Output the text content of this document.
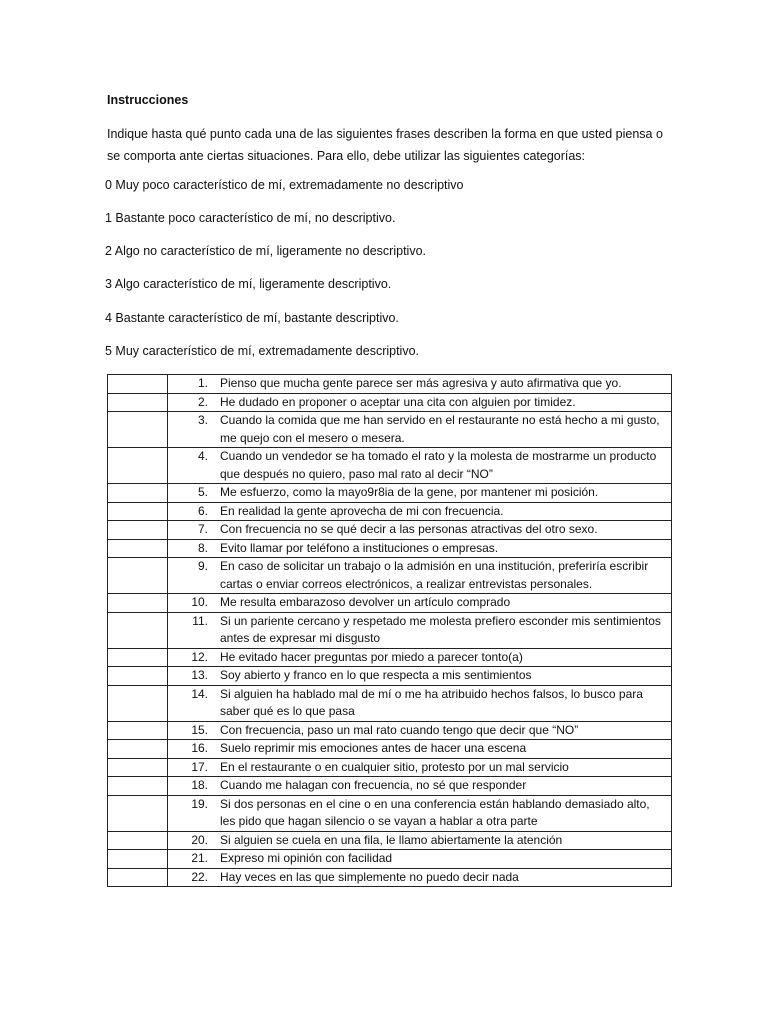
Instrucciones
Indique hasta qué punto cada una de las siguientes frases describen la forma en que usted piensa o se comporta ante ciertas situaciones. Para ello, debe utilizar las siguientes categorías:
0 Muy poco característico de mí, extremadamente no descriptivo
1 Bastante poco característico de mí, no descriptivo.
2 Algo no característico de mí, ligeramente no descriptivo.
3 Algo característico de mí, ligeramente descriptivo.
4 Bastante característico de mí, bastante descriptivo.
5 Muy característico de mí, extremadamente descriptivo.

	1. Pienso que mucha gente parece ser más agresiva y auto afirmativa que yo.

	2. He dudado en proponer o aceptar una cita con alguien por timidez.

	3. Cuando la comida que me han servido en el restaurante no está hecho a mi gusto, me quejo con el mesero o mesera.

	4. Cuando un vendedor se ha tomado el rato y la molesta de mostrarme un producto que después no quiero, paso mal rato al decir “NO”

	5. Me esfuerzo, como la mayo9r8ia de la gene, por mantener mi posición.

	6. En realidad la gente aprovecha de mi con frecuencia.

	7. Con frecuencia no se qué decir a las personas atractivas del otro sexo.

	8. Evito llamar por teléfono a instituciones o empresas.

	9. En caso de solicitar un trabajo o la admisión en una institución, preferiría escribir cartas o enviar correos electrónicos, a realizar entrevistas personales.

	10. Me resulta embarazoso devolver un artículo comprado

	11. Si un pariente cercano y respetado me molesta prefiero esconder mis sentimientos antes de expresar mi disgusto

	12. He evitado hacer preguntas por miedo a parecer tonto(a)

	13. Soy abierto y franco en lo que respecta a mis sentimientos

	14. Si alguien ha hablado mal de mí o me ha atribuido hechos falsos, lo busco para saber qué es lo que pasa

	15. Con frecuencia, paso un mal rato cuando tengo que decir que “NO”

	16. Suelo reprimir mis emociones antes de hacer una escena

	17. En el restaurante o en cualquier sitio, protesto por un mal servicio

	18. Cuando me halagan con frecuencia, no sé que responder

	19. Si dos personas en el cine o en una conferencia están hablando demasiado alto, les pido que hagan silencio o se vayan a hablar a otra parte

	20. Si alguien se cuela en una fila, le llamo abiertamente la atención

	21. Expreso mi opinión con facilidad

	22. Hay veces en las que simplemente no puedo decir nada
